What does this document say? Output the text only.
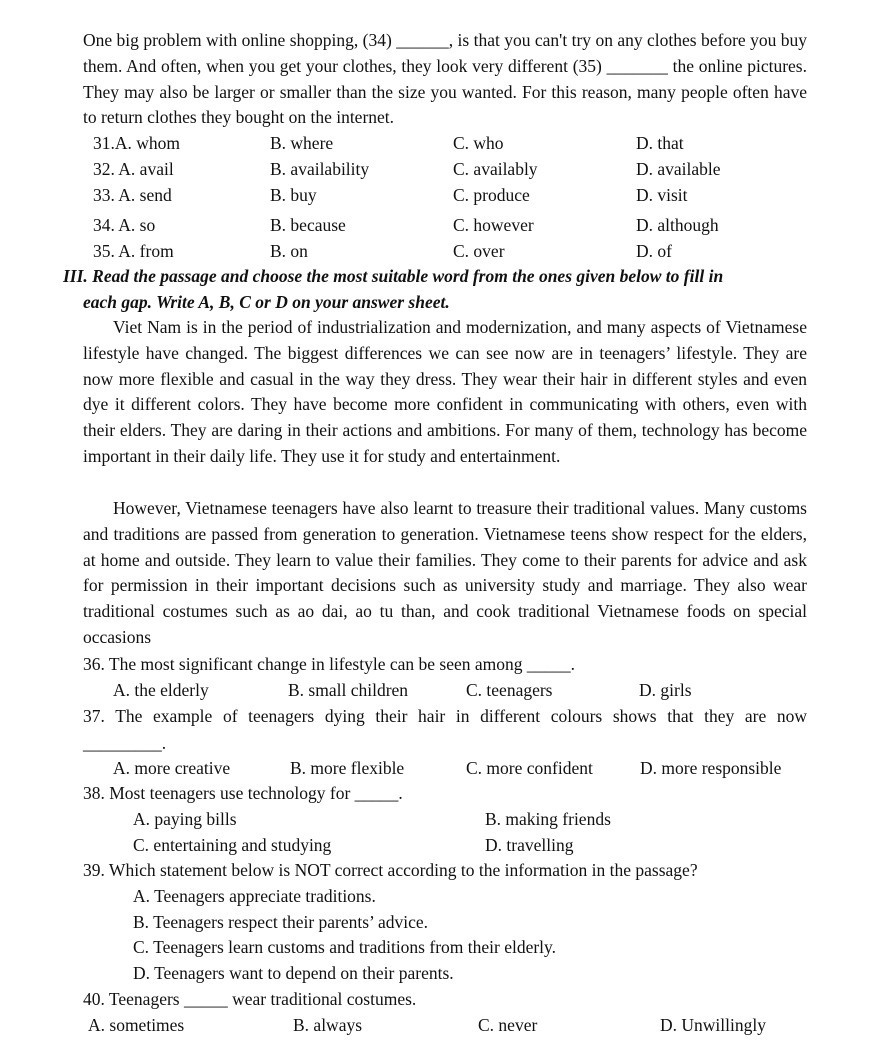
One big problem with online shopping, (34) ______, is that you can't try on any clothes before you buy them. And often, when you get your clothes, they look very different (35) _______ the online pictures. They may also be larger or smaller than the size you wanted. For this reason, many people often have to return clothes they bought on the internet.

31.A. whom	B. where	C. who	D. that
32. A. avail	B. availability	C. availably	D. available
33. A. send	B. buy	C. produce	D. visit
34. A. so	B. because	C. however	D. although
35. A. from	B. on	C. over	D. of
III. Read the passage and choose the most suitable word from the ones given below to fill in
each gap. Write A, B, C or D on your answer sheet.

Viet Nam is in the period of industrialization and modernization, and many aspects of Vietnamese lifestyle have changed. The biggest differences we can see now are in teenagers’ lifestyle. They are now more flexible and casual in the way they dress. They wear their hair in different styles and even dye it different colors. They have become more confident in communicating with others, even with their elders. They are daring in their actions and ambitions. For many of them, technology has become important in their daily life. They use it for study and entertainment.

However, Vietnamese teenagers have also learnt to treasure their traditional values. Many customs and traditions are passed from generation to generation. Vietnamese teens show respect for the elders, at home and outside. They learn to value their families. They come to their parents for advice and ask for permission in their important decisions such as university study and marriage. They also wear traditional costumes such as ao dai, ao tu than, and cook traditional Vietnamese foods on special occasions

36. The most significant change in lifestyle can be seen among _____.
A. the elderly	B. small children	C. teenagers	D. girls
37. The example of teenagers dying their hair in different colours shows that they are now
_________.
A. more creative	B. more flexible	C. more confident	D. more responsible
38. Most teenagers use technology for _____.
A. paying bills	B. making friends
C. entertaining and studying	D. travelling
39. Which statement below is NOT correct according to the information in the passage?
A. Teenagers appreciate traditions.
B. Teenagers respect their parents’ advice.
C. Teenagers learn customs and traditions from their elderly.
D. Teenagers want to depend on their parents.
40. Teenagers _____ wear traditional costumes.
A. sometimes	B. always	C. never	D. Unwillingly
